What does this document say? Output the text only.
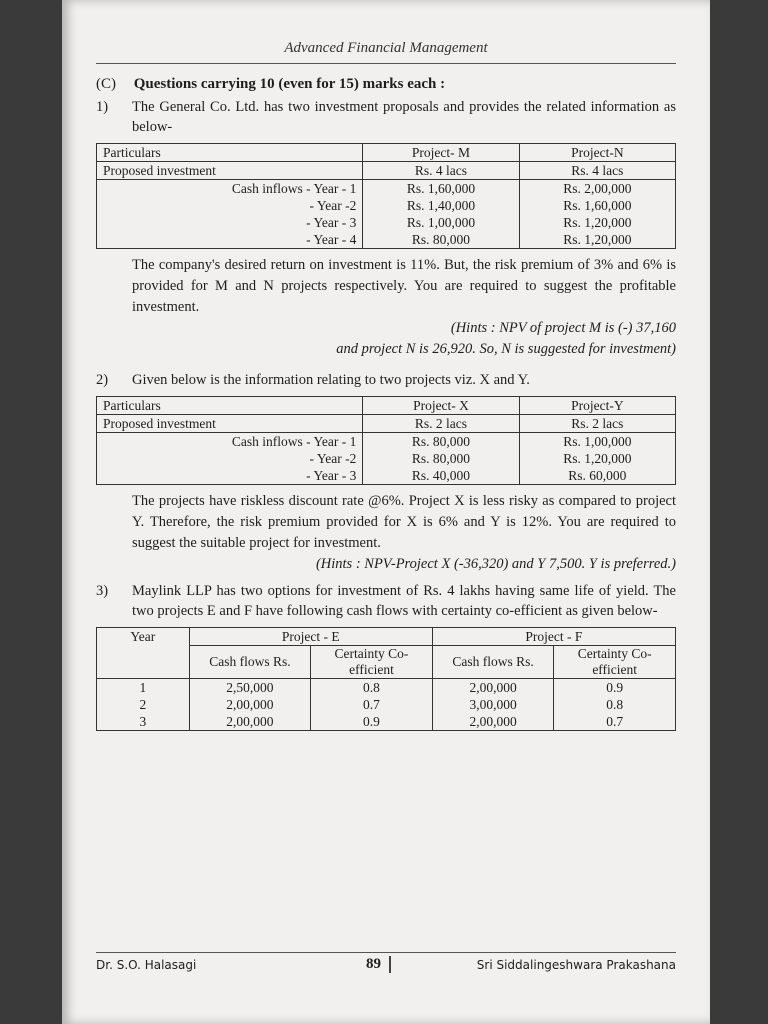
Advanced Financial Management
(C) Questions carrying 10 (even for 15) marks each :
1)	The General Co. Ltd. has two investment proposals and provides the related information as below-
Particulars	Project- M	Project-N
Proposed investment	Rs. 4 lacs	Rs. 4 lacs
Cash inflows - Year - 1	Rs. 1,60,000	Rs. 2,00,000
- Year -2	Rs. 1,40,000	Rs. 1,60,000
- Year - 3	Rs. 1,00,000	Rs. 1,20,000
- Year - 4	Rs. 80,000	Rs. 1,20,000
The company's desired return on investment is 11%. But, the risk premium of 3% and 6% is provided for M and N projects respectively. You are required to suggest the profitable investment.
(Hints : NPV of project M is (-) 37,160
and project N is 26,920. So, N is suggested for investment)
2)	Given below is the information relating to two projects viz. X and Y.
Particulars	Project- X	Project-Y
Proposed investment	Rs. 2 lacs	Rs. 2 lacs
Cash inflows - Year - 1	Rs. 80,000	Rs. 1,00,000
- Year -2	Rs. 80,000	Rs. 1,20,000
- Year - 3	Rs. 40,000	Rs. 60,000
The projects have riskless discount rate @6%. Project X is less risky as compared to project Y. Therefore, the risk premium provided for X is 6% and Y is 12%. You are required to suggest the suitable project for investment.
(Hints : NPV-Project X (-36,320) and Y 7,500. Y is preferred.)
3)	Maylink LLP has two options for investment of Rs. 4 lakhs having same life of yield. The two projects E and F have following cash flows with certainty co-efficient as given below-
Year	Project - E		Project - F	
	Cash flows Rs.	Certainty Co-efficient	Cash flows Rs.	Certainty Co-efficient
1	2,50,000	0.8	2,00,000	0.9
2	2,00,000	0.7	3,00,000	0.8
3	2,00,000	0.9	2,00,000	0.7
Dr. S.O. Halasagi	89	Sri Siddalingeshwara Prakashana
